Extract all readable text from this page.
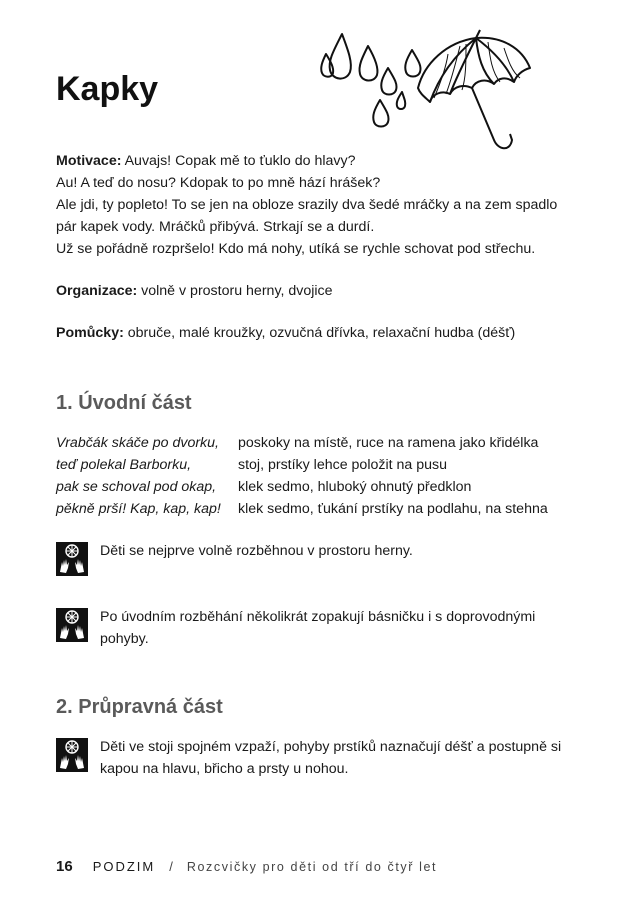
Kapky

Motivace: Auvajs! Copak mě to ťuklo do hlavy?

Au! A teď do nosu? Kdopak to po mně hází hrášek?

Ale jdi, ty popleto! To se jen na obloze srazily dva šedé mráčky a na zem spadlo

pár kapek vody. Mráčků přibývá. Strkají se a durdí.

Už se pořádně rozpršelo! Kdo má nohy, utíká se rychle schovat pod střechu.

Organizace: volně v prostoru herny, dvojice

Pomůcky: obruče, malé kroužky, ozvučná dřívka, relaxační hudba (déšť)

1. Úvodní část
Vrabčák skáče po dvorku,	poskoky na místě, ruce na ramena jako křidélka
teď polekal Barborku,	stoj, prstíky lehce položit na pusu
pak se schoval pod okap,	klek sedmo, hluboký ohnutý předklon
pěkně prší! Kap, kap, kap!	klek sedmo, ťukání prstíky na podlahu, na stehna
Děti se nejprve volně rozběhnou v prostoru herny.
Po úvodním rozběhání několikrát zopakují básničku i s doprovodnými pohyby.
2. Průpravná část
Děti ve stoji spojném vzpaží, pohyby prstíků naznačují déšť a postupně si kapou na hlavu, břicho a prsty u nohou.
16 PODZIM / Rozcvičky pro děti od tří do čtyř let
